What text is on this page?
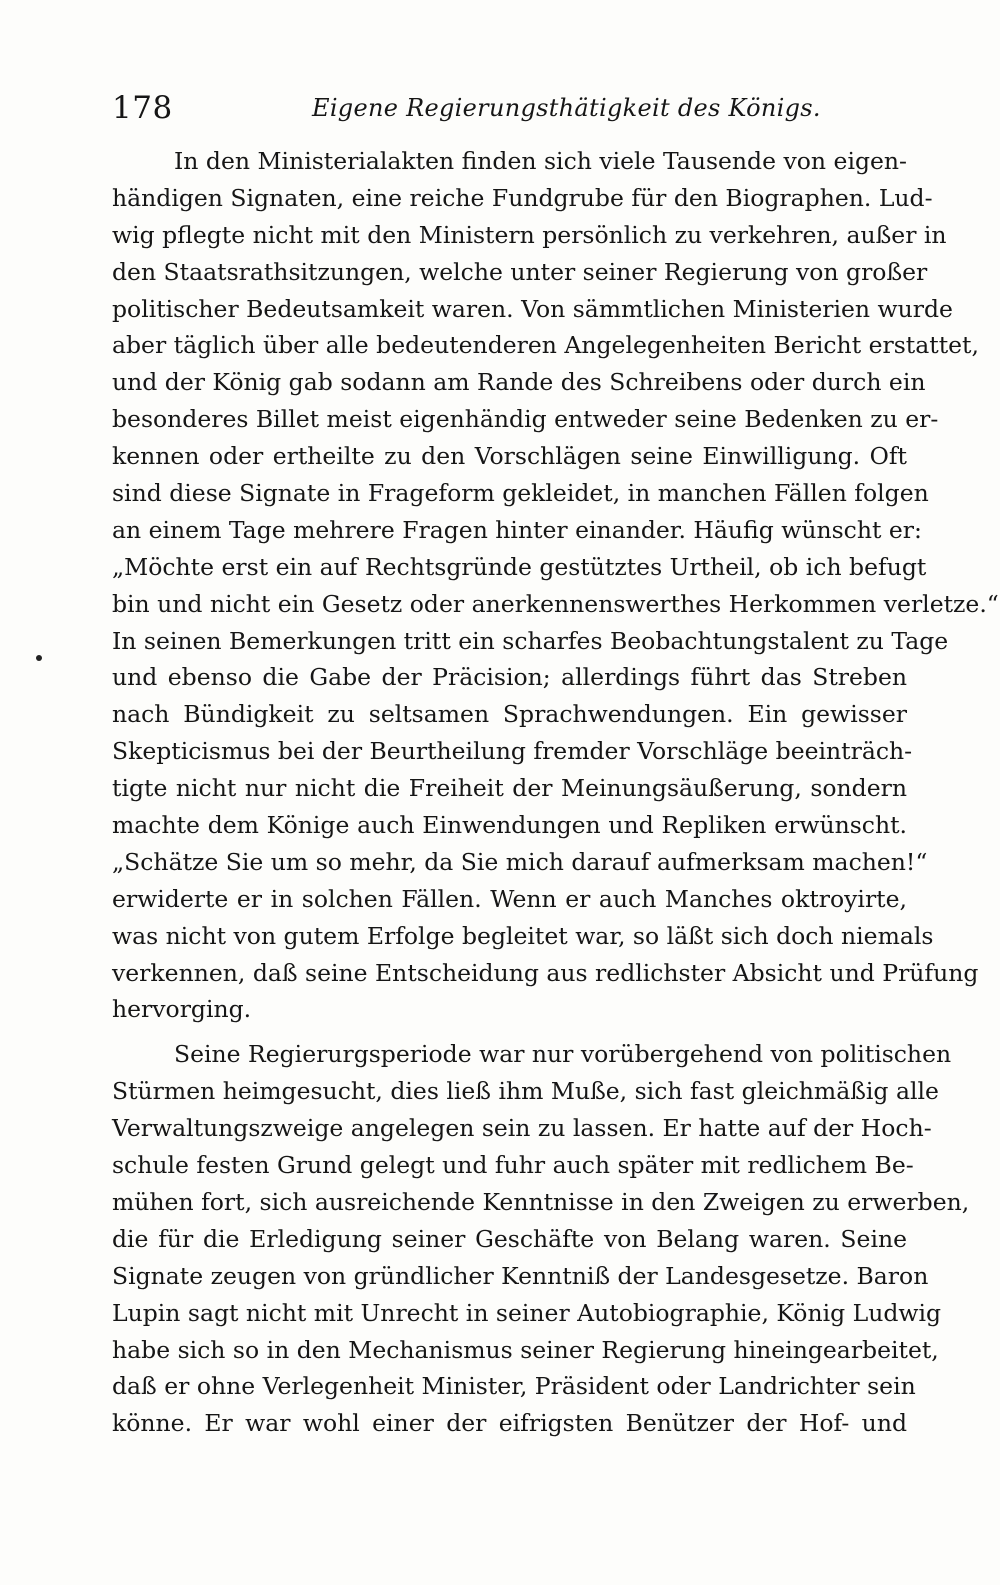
178	Eigene Regierungsthätigkeit des Königs.

In den Ministerialakten finden sich viele Tausende von eigen-
händigen Signaten, eine reiche Fundgrube für den Biographen. Lud-
wig pflegte nicht mit den Ministern persönlich zu verkehren, außer in
den Staatsrathsitzungen, welche unter seiner Regierung von großer
politischer Bedeutsamkeit waren. Von sämmtlichen Ministerien wurde
aber täglich über alle bedeutenderen Angelegenheiten Bericht erstattet,
und der König gab sodann am Rande des Schreibens oder durch ein
besonderes Billet meist eigenhändig entweder seine Bedenken zu er-
kennen oder ertheilte zu den Vorschlägen seine Einwilligung. Oft
sind diese Signate in Frageform gekleidet, in manchen Fällen folgen
an einem Tage mehrere Fragen hinter einander. Häufig wünscht er:
„Möchte erst ein auf Rechtsgründe gestütztes Urtheil, ob ich befugt
bin und nicht ein Gesetz oder anerkennenswerthes Herkommen verletze.“
In seinen Bemerkungen tritt ein scharfes Beobachtungstalent zu Tage
und ebenso die Gabe der Präcision; allerdings führt das Streben
nach Bündigkeit zu seltsamen Sprachwendungen. Ein gewisser
Skepticismus bei der Beurtheilung fremder Vorschläge beeinträch-
tigte nicht nur nicht die Freiheit der Meinungsäußerung, sondern
machte dem Könige auch Einwendungen und Repliken erwünscht.
„Schätze Sie um so mehr, da Sie mich darauf aufmerksam machen!“
erwiderte er in solchen Fällen. Wenn er auch Manches oktroyirte,
was nicht von gutem Erfolge begleitet war, so läßt sich doch niemals
verkennen, daß seine Entscheidung aus redlichster Absicht und Prüfung
hervorging.

Seine Regierurgsperiode war nur vorübergehend von politischen
Stürmen heimgesucht, dies ließ ihm Muße, sich fast gleichmäßig alle
Verwaltungszweige angelegen sein zu lassen. Er hatte auf der Hoch-
schule festen Grund gelegt und fuhr auch später mit redlichem Be-
mühen fort, sich ausreichende Kenntnisse in den Zweigen zu erwerben,
die für die Erledigung seiner Geschäfte von Belang waren. Seine
Signate zeugen von gründlicher Kenntniß der Landesgesetze. Baron
Lupin sagt nicht mit Unrecht in seiner Autobiographie, König Ludwig
habe sich so in den Mechanismus seiner Regierung hineingearbeitet,
daß er ohne Verlegenheit Minister, Präsident oder Landrichter sein
könne. Er war wohl einer der eifrigsten Benützer der Hof- und
